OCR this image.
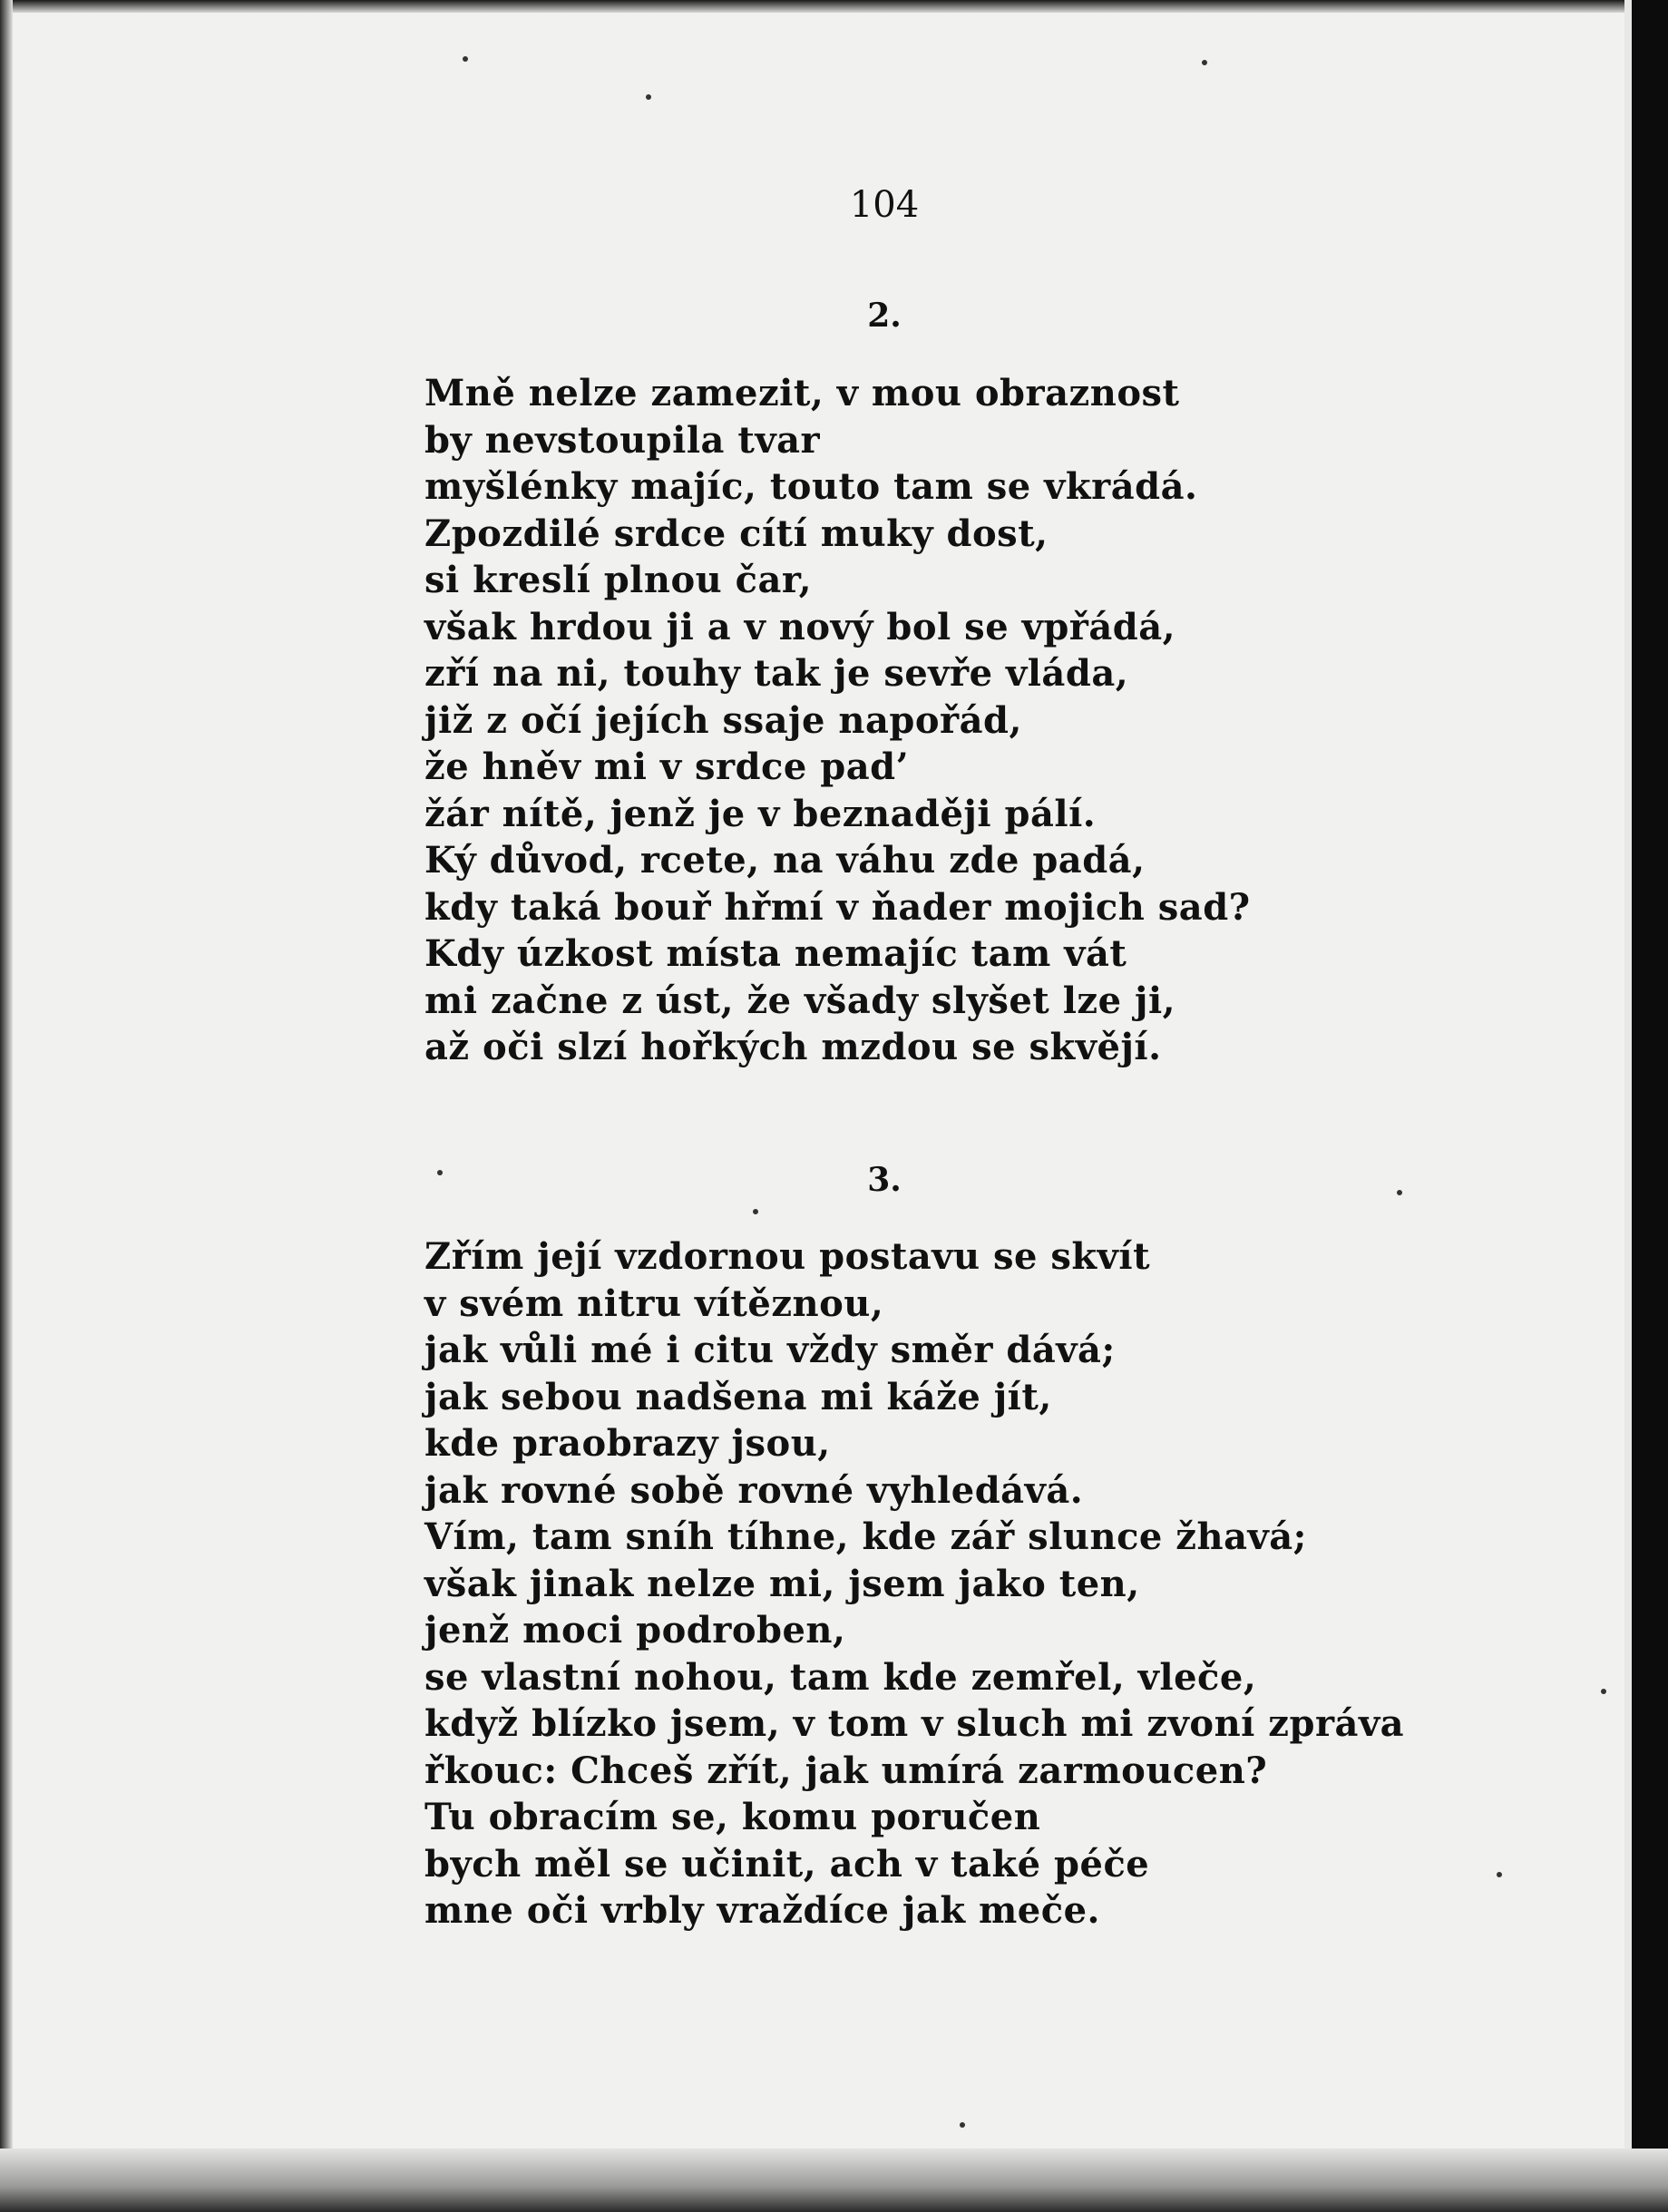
104
2.
Mně nelze zamezit, v mou obraznost
by nevstoupila tvar
myšlénky majíc, touto tam se vkrádá.
Zpozdilé srdce cítí muky dost,
si kreslí plnou čar,
však hrdou ji a v nový bol se vpřádá,
zří na ni, touhy tak je sevře vláda,
již z očí jejích ssaje napořád,
že hněv mi v srdce pad’
žár nítě, jenž je v beznaději pálí.
Ký důvod, rcete, na váhu zde padá,
kdy taká bouř hřmí v ňader mojich sad?
Kdy úzkost místa nemajíc tam vát
mi začne z úst, že všady slyšet lze ji,
až oči slzí hořkých mzdou se skvějí.
3.
Zřím její vzdornou postavu se skvít
v svém nitru vítěznou,
jak vůli mé i citu vždy směr dává;
jak sebou nadšena mi káže jít,
kde praobrazy jsou,
jak rovné sobě rovné vyhledává.
Vím, tam sníh tíhne, kde zář slunce žhavá;
však jinak nelze mi, jsem jako ten,
jenž moci podroben,
se vlastní nohou, tam kde zemřel, vleče,
když blízko jsem, v tom v sluch mi zvoní zpráva
řkouc: Chceš zřít, jak umírá zarmoucen?
Tu obracím se, komu poručen
bych měl se učinit, ach v také péče
mne oči vrbly vraždíce jak meče.
